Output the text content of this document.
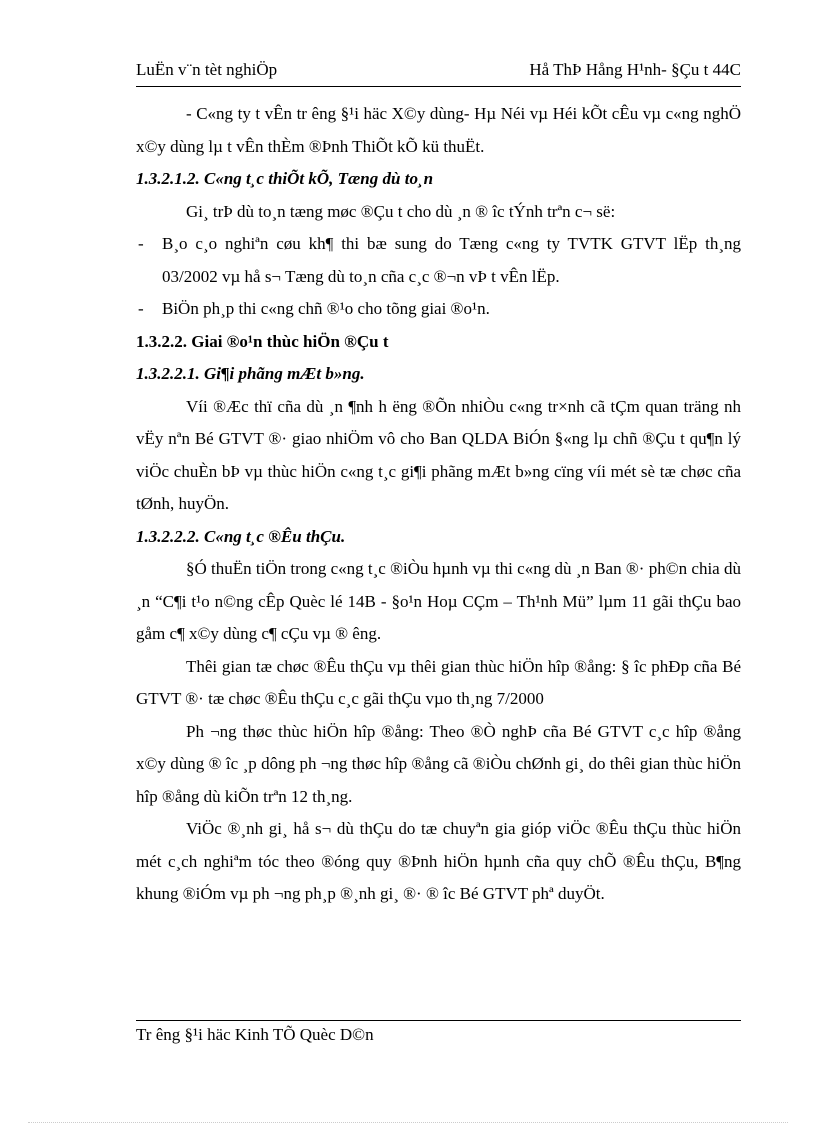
LuËn v¨n tèt nghiÖp	Hå ThÞ Hång H¹nh- §Çu t 44C

- C«ng ty t vÊn tr êng §¹i häc X©y dùng- Hµ Néi vµ Héi kÕt cÊu vµ c«ng nghÖ x©y dùng lµ t vÊn thÈm ®Þnh ThiÕt kÕ kü thuËt.

1.3.2.1.2. C«ng t¸c thiÕt kÕ, Tæng dù to¸n

Gi¸ trÞ dù to¸n tæng møc ®Çu t cho dù ¸n ® îc tÝnh trªn c¬ së:

-	B¸o c¸o nghiªn cøu kh¶ thi bæ sung do Tæng c«ng ty TVTK GTVT lËp th¸ng 03/2002 vµ hå s¬ Tæng dù to¸n cña c¸c ®¬n vÞ t vÊn lËp.
-	BiÖn ph¸p thi c«ng chñ ®¹o cho tõng giai ®o¹n.

1.3.2.2. Giai ®o¹n thùc hiÖn ®Çu t

1.3.2.2.1. Gi¶i phãng mÆt b»ng.

Víi ®Æc thï cña dù ¸n ¶nh h ëng ®Õn nhiÒu c«ng tr×nh cã tÇm quan träng nh vËy nªn Bé GTVT ®· giao nhiÖm vô cho Ban QLDA BiÓn §«ng lµ chñ ®Çu t qu¶n lý viÖc chuÈn bÞ vµ thùc hiÖn c«ng t¸c gi¶i phãng mÆt b»ng cïng víi mét sè tæ chøc cña tØnh, huyÖn.

1.3.2.2.2. C«ng t¸c ®Êu thÇu.

§Ó thuËn tiÖn trong c«ng t¸c ®iÒu hµnh vµ thi c«ng dù ¸n Ban ®· ph©n chia dù ¸n “C¶i t¹o n©ng cÊp Quèc lé 14B - §o¹n Hoµ CÇm – Th¹nh Mü” lµm 11 gãi thÇu bao gåm c¶ x©y dùng c¶ cÇu vµ ® êng.

Thêi gian tæ chøc ®Êu thÇu vµ thêi gian thùc hiÖn hîp ®ång: § îc phÐp cña Bé GTVT ®· tæ chøc ®Êu thÇu c¸c gãi thÇu vµo th¸ng 7/2000

Ph ¬ng thøc thùc hiÖn hîp ®ång: Theo ®Ò nghÞ cña Bé GTVT c¸c hîp ®ång x©y dùng ® îc ¸p dông ph ¬ng thøc hîp ®ång cã ®iÒu chØnh gi¸ do thêi gian thùc hiÖn hîp ®ång dù kiÕn trªn 12 th¸ng.

ViÖc ®¸nh gi¸ hå s¬ dù thÇu do tæ chuyªn gia gióp viÖc ®Êu thÇu thùc hiÖn mét c¸ch nghiªm tóc theo ®óng quy ®Þnh hiÖn hµnh cña quy chÕ ®Êu thÇu, B¶ng khung ®iÓm vµ ph ¬ng ph¸p ®¸nh gi¸ ®· ® îc Bé GTVT phª duyÖt.

Tr êng §¹i häc Kinh TÕ Quèc D©n
